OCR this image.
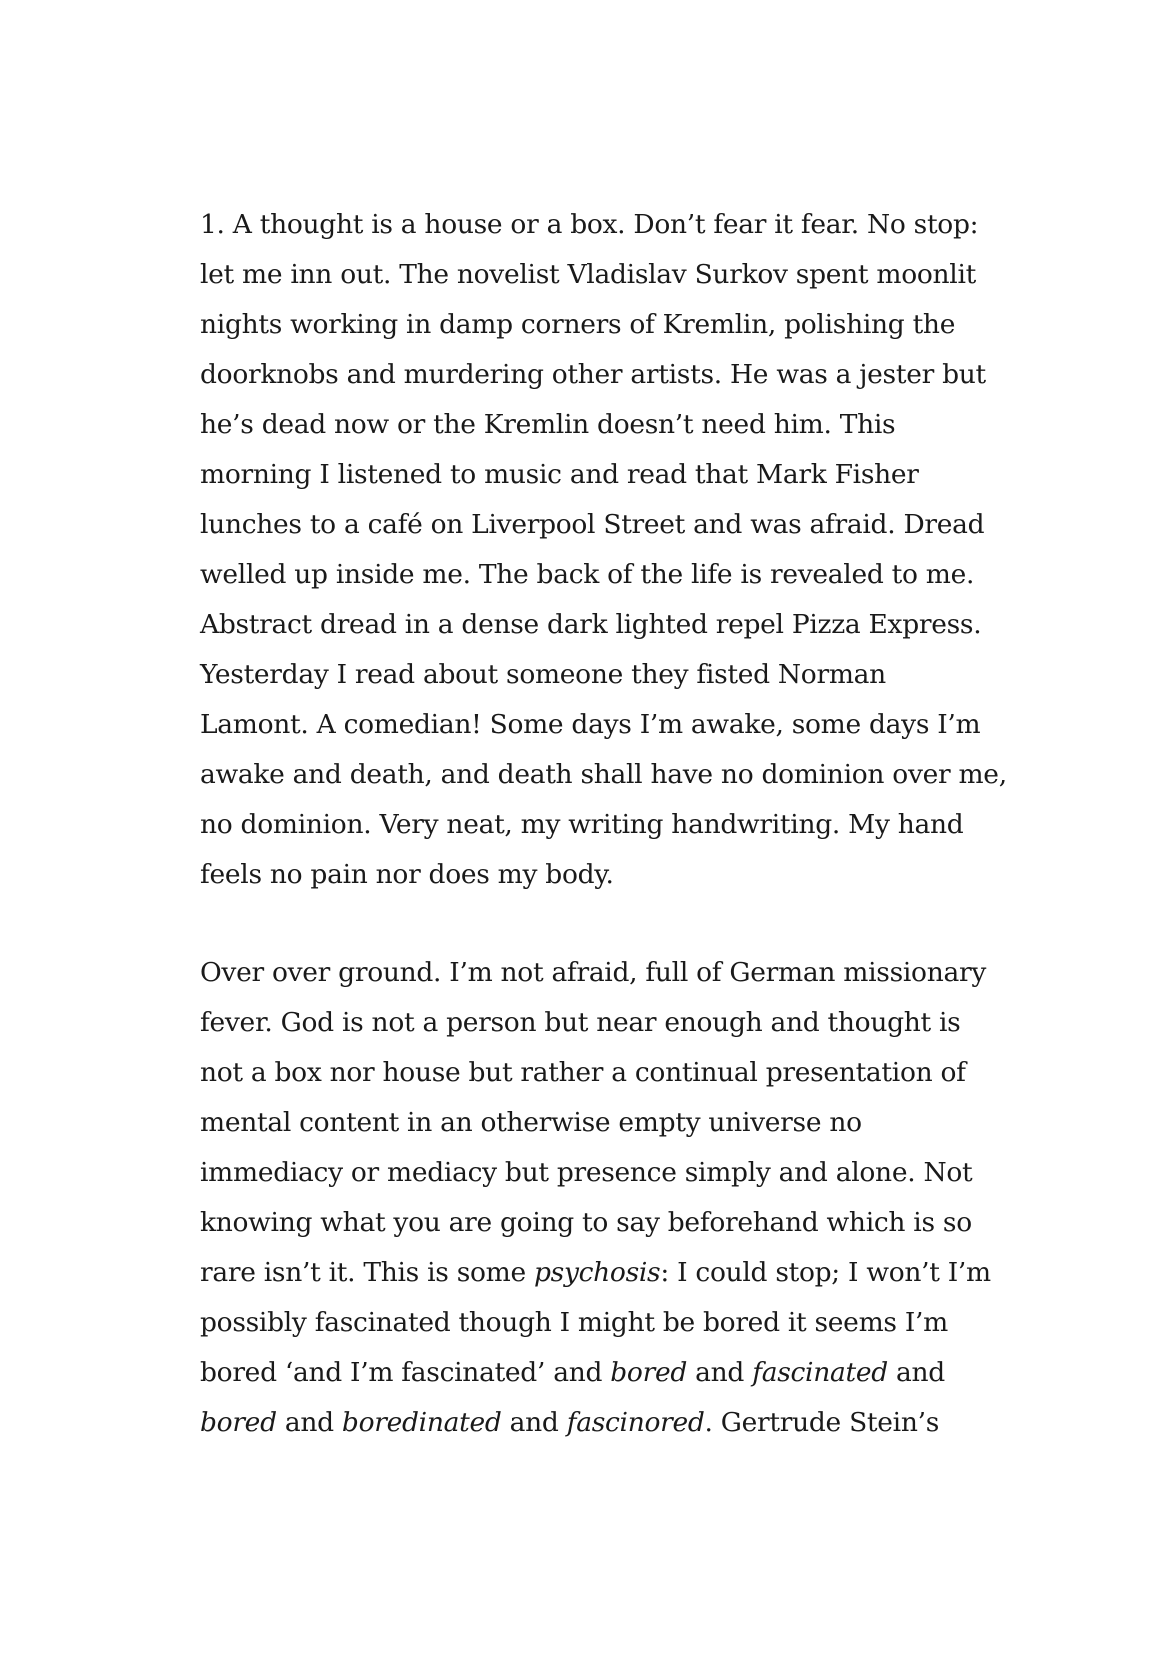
1. A thought is a house or a box. Don’t fear it fear. No stop:
let me inn out. The novelist Vladislav Surkov spent moonlit
nights working in damp corners of Kremlin, polishing the
doorknobs and murdering other artists. He was a jester but
he’s dead now or the Kremlin doesn’t need him. This
morning I listened to music and read that Mark Fisher
lunches to a café on Liverpool Street and was afraid. Dread
welled up inside me. The back of the life is revealed to me.
Abstract dread in a dense dark lighted repel Pizza Express.
Yesterday I read about someone they fisted Norman
Lamont. A comedian! Some days I’m awake, some days I’m
awake and death, and death shall have no dominion over me,
no dominion. Very neat, my writing handwriting. My hand
feels no pain nor does my body.
Over over ground. I’m not afraid, full of German missionary
fever. God is not a person but near enough and thought is
not a box nor house but rather a continual presentation of
mental content in an otherwise empty universe no
immediacy or mediacy but presence simply and alone. Not
knowing what you are going to say beforehand which is so
rare isn’t it. This is some psychosis: I could stop; I won’t I’m
possibly fascinated though I might be bored it seems I’m
bored ‘and I’m fascinated’ and bored and fascinated and
bored and boredinated and fascinored. Gertrude Stein’s
